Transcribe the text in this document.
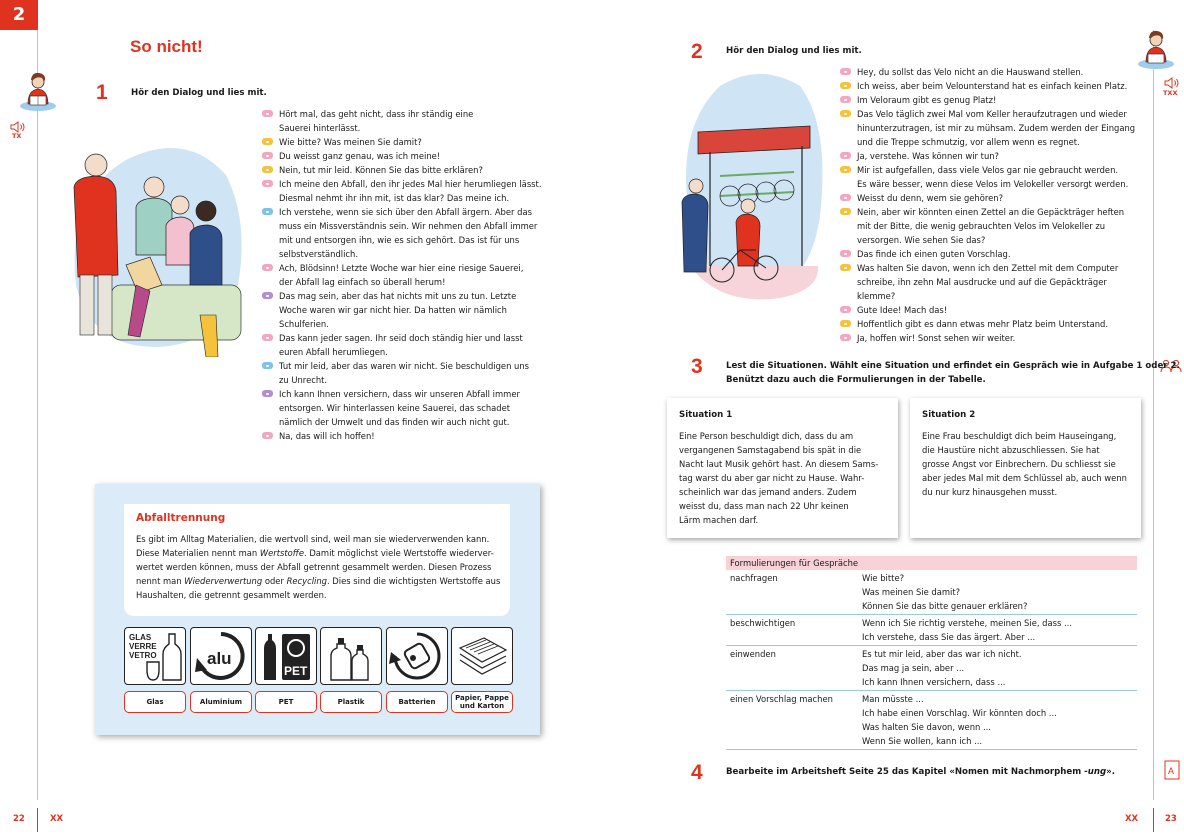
2
TX
So nicht!
1	Hör den Dialog und lies mit.
Hört mal, das geht nicht, dass ihr ständig eine
Sauerei hinterlässt.
Wie bitte? Was meinen Sie damit?
Du weisst ganz genau, was ich meine!
Nein, tut mir leid. Können Sie das bitte erklären?
Ich meine den Abfall, den ihr jedes Mal hier herumliegen lässt.
Diesmal nehmt ihr ihn mit, ist das klar? Das meine ich.
Ich verstehe, wenn sie sich über den Abfall ärgern. Aber das
muss ein Missverständnis sein. Wir nehmen den Abfall immer
mit und entsorgen ihn, wie es sich gehört. Das ist für uns
selbstverständlich.
Ach, Blödsinn! Letzte Woche war hier eine riesige Sauerei,
der Abfall lag einfach so überall herum!
Das mag sein, aber das hat nichts mit uns zu tun. Letzte
Woche waren wir gar nicht hier. Da hatten wir nämlich
Schulferien.
Das kann jeder sagen. Ihr seid doch ständig hier und lasst
euren Abfall herumliegen.
Tut mir leid, aber das waren wir nicht. Sie beschuldigen uns
zu Unrecht.
Ich kann Ihnen versichern, dass wir unseren Abfall immer
entsorgen. Wir hinterlassen keine Sauerei, das schadet
nämlich der Umwelt und das finden wir auch nicht gut.
Na, das will ich hoffen!
Abfalltrennung
Es gibt im Alltag Materialien, die wertvoll sind, weil man sie wiederverwenden kann.
Diese Materialien nennt man Wertstoffe. Damit möglichst viele Wertstoffe wiederver-
wertet werden können, muss der Abfall getrennt gesammelt werden. Diesen Prozess
nennt man Wiederverwertung oder Recycling. Dies sind die wichtigsten Wertstoffe aus
Haushalten, die getrennt gesammelt werden.
GLAS
VERRE
VETRO	alu
PET
Glas	Aluminium	PET	Plastik	Batterien
Papier, Pappe und Karton
22	XX
TXX
A
2	Hör den Dialog und lies mit.
Hey, du sollst das Velo nicht an die Hauswand stellen.
Ich weiss, aber beim Velounterstand hat es einfach keinen Platz.
Im Veloraum gibt es genug Platz!
Das Velo täglich zwei Mal vom Keller heraufzutragen und wieder
hinunterzutragen, ist mir zu mühsam. Zudem werden der Eingang
und die Treppe schmutzig, vor allem wenn es regnet.
Ja, verstehe. Was können wir tun?
Mir ist aufgefallen, dass viele Velos gar nie gebraucht werden.
Es wäre besser, wenn diese Velos im Velokeller versorgt werden.
Weisst du denn, wem sie gehören?
Nein, aber wir könnten einen Zettel an die Gepäckträger heften
mit der Bitte, die wenig gebrauchten Velos im Velokeller zu
versorgen. Wie sehen Sie das?
Das finde ich einen guten Vorschlag.
Was halten Sie davon, wenn ich den Zettel mit dem Computer
schreibe, ihn zehn Mal ausdrucke und auf die Gepäckträger
klemme?
Gute Idee! Mach das!
Hoffentlich gibt es dann etwas mehr Platz beim Unterstand.
Ja, hoffen wir! Sonst sehen wir weiter.
3	Lest die Situationen. Wählt eine Situation und erfindet ein Gespräch wie in Aufgabe 1 oder 2.
Benützt dazu auch die Formulierungen in der Tabelle.
Situation 1
Eine Person beschuldigt dich, dass du am
vergangenen Samstagabend bis spät in die
Nacht laut Musik gehört hast. An diesem Sams-
tag warst du aber gar nicht zu Hause. Wahr-
scheinlich war das jemand anders. Zudem
weisst du, dass man nach 22 Uhr keinen
Lärm machen darf.
Situation 2
Eine Frau beschuldigt dich beim Hauseingang,
die Haustüre nicht abzuschliessen. Sie hat
grosse Angst vor Einbrechern. Du schliesst sie
aber jedes Mal mit dem Schlüssel ab, auch wenn
du nur kurz hinausgehen musst.
Formulierungen für Gespräche
nachfragen	Wie bitte?
Was meinen Sie damit?
Können Sie das bitte genauer erklären?
beschwichtigen	Wenn ich Sie richtig verstehe, meinen Sie, dass ...
Ich verstehe, dass Sie das ärgert. Aber ...
einwenden	Es tut mir leid, aber das war ich nicht.
Das mag ja sein, aber ...
Ich kann Ihnen versichern, dass ...
einen Vorschlag machen	Man müsste ...
Ich habe einen Vorschlag. Wir könnten doch ...
Was halten Sie davon, wenn ...
Wenn Sie wollen, kann ich ...
4	Bearbeite im Arbeitsheft Seite 25 das Kapitel «Nomen mit Nachmorphem -ung».
XX	23
